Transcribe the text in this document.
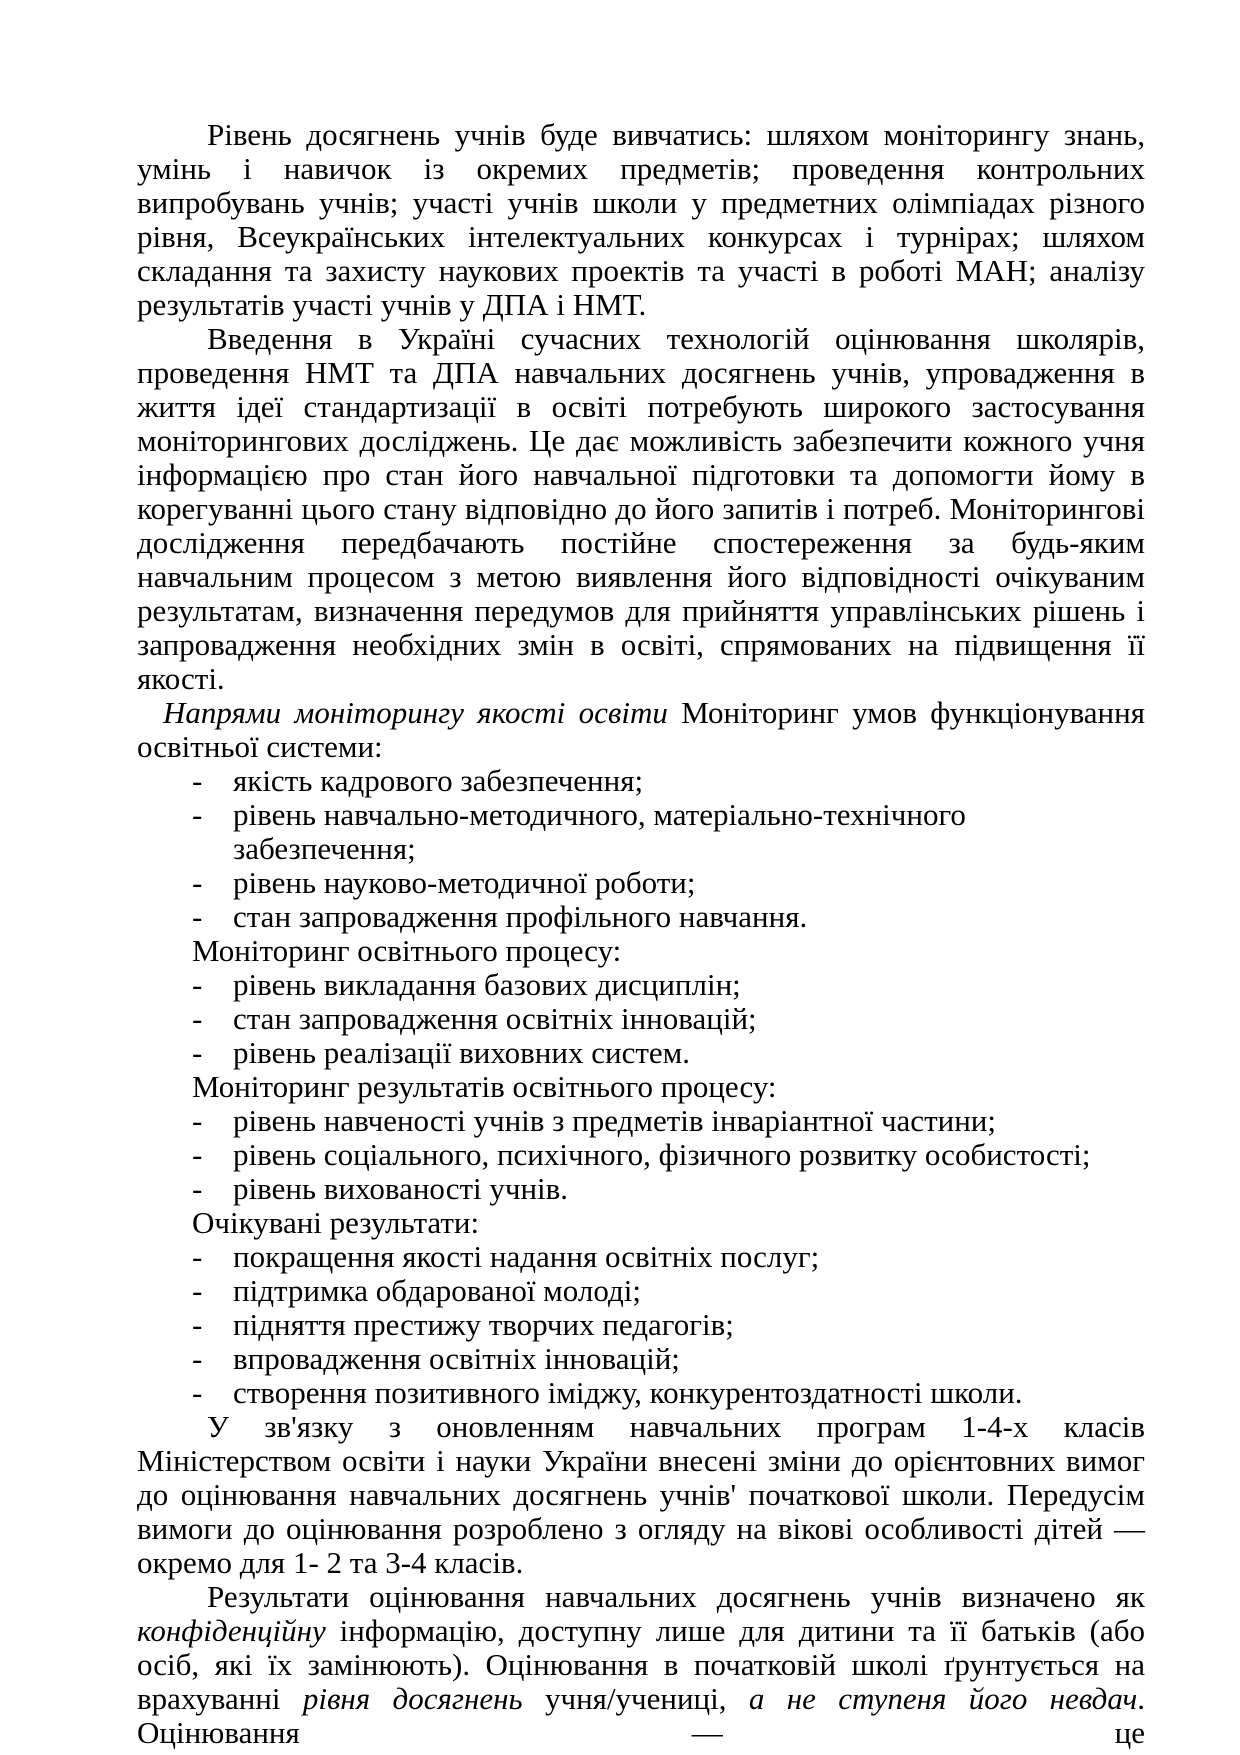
Рівень досягнень учнів буде вивчатись: шляхом моніторингу знань, умінь і навичок із окремих предметів; проведення контрольних випробувань учнів; участі учнів школи у предметних олімпіадах різного рівня, Всеукраїнських інтелектуальних конкурсах і турнірах; шляхом складання та захисту наукових проектів та участі в роботі МАН; аналізу результатів участі учнів у ДПА і НМТ.

Введення в Україні сучасних технологій оцінювання школярів, проведення НМТ та ДПА навчальних досягнень учнів, упровадження в життя ідеї стандартизації в освіті потребують широкого застосування моніторингових досліджень. Це дає можливість забезпечити кожного учня інформацією про стан його навчальної підготовки та допомогти йому в корегуванні цього стану відповідно до його запитів і потреб. Моніторингові дослідження передбачають постійне спостереження за будь-яким навчальним процесом з метою виявлення його відповідності очікуваним результатам, визначення передумов для прийняття управлінських рішень і запровадження необхідних змін в освіті, спрямованих на підвищення її якості.

Напрями моніторингу якості освіти Моніторинг умов функціонування освітньої системи:

- якість кадрового забезпечення;
- рівень навчально-методичного, матеріально-технічного забезпечення;
- рівень науково-методичної роботи;
- стан запровадження профільного навчання.

Моніторинг освітнього процесу:

- рівень викладання базових дисциплін;
- стан запровадження освітніх інновацій;
- рівень реалізації виховних систем.

Моніторинг результатів освітнього процесу:

- рівень навченості учнів з предметів інваріантної частини;
- рівень соціального, психічного, фізичного розвитку особистості;
- рівень вихованості учнів.

Очікувані результати:

- покращення якості надання освітніх послуг;
- підтримка обдарованої молоді;
- підняття престижу творчих педагогів;
- впровадження освітніх інновацій;
- створення позитивного іміджу, конкурентоздатності школи.

У зв'язку з оновленням навчальних програм 1-4-х класів Міністерством освіти і науки України внесені зміни до орієнтовних вимог до оцінювання навчальних досягнень учнів' початкової школи. Передусім вимоги до оцінювання розроблено з огляду на вікові особливості дітей — окремо для 1- 2 та 3-4 класів.

Результати оцінювання навчальних досягнень учнів визначено як конфіденційну інформацію, доступну лише для дитини та її батьків (або осіб, які їх замінюють). Оцінювання в початковій школі ґрунтується на врахуванні рівня досягнень учня/учениці, а не ступеня його невдач. Оцінювання — це
